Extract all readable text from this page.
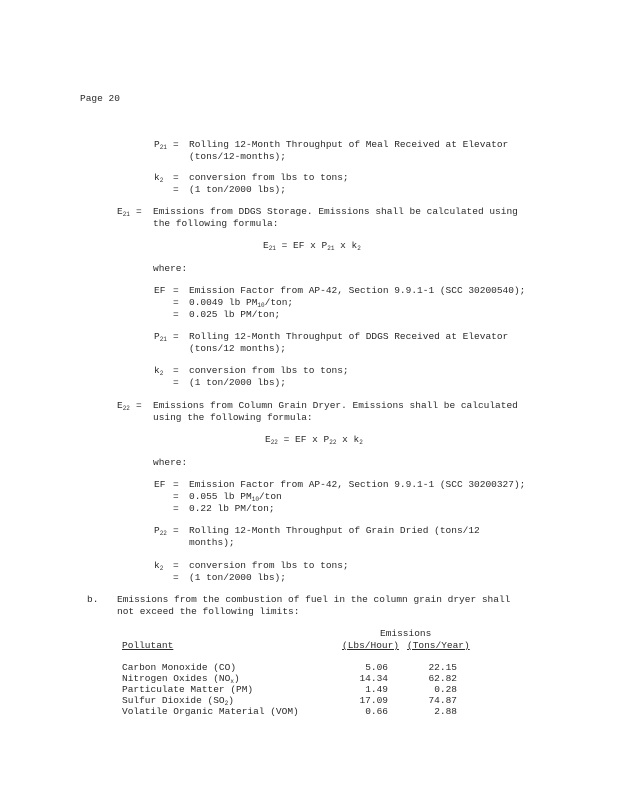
Page 20
$P_{21}$ = Rolling 12-Month Throughput of Meal Received at Elevator
(tons/12-months);
$k_2$ = conversion from lbs to tons;
= (1 ton/2000 lbs);
$E_{21}$ = Emissions from DDGS Storage. Emissions shall be calculated using
the following formula:
$E_{21}$ = EF x $P_{21}$ x $k_2$
where:
EF = Emission Factor from AP-42, Section 9.9.1-1 (SCC 30200540);
= 0.0049 lb $PM_{10}$/ton;
= 0.025 lb PM/ton;
$P_{21}$ = Rolling 12-Month Throughput of DDGS Received at Elevator
(tons/12 months);
$k_2$ = conversion from lbs to tons;
= (1 ton/2000 lbs);
$E_{22}$ = Emissions from Column Grain Dryer. Emissions shall be calculated
using the following formula:
$E_{22}$ = EF x $P_{22}$ x $k_2$
where:
EF = Emission Factor from AP-42, Section 9.9.1-1 (SCC 30200327);
= 0.055 lb $PM_{10}$/ton
= 0.22 lb PM/ton;
$P_{22}$ = Rolling 12-Month Throughput of Grain Dried (tons/12
months);
$k_2$ = conversion from lbs to tons;
= (1 ton/2000 lbs);
b. Emissions from the combustion of fuel in the column grain dryer shall
not exceed the following limits:
Emissions
Pollutant	(Lbs/Hour) (Tons/Year)
Carbon Monoxide (CO)	5.06	22.15
Nitrogen Oxides $(NO_x)$	14.34	62.82
Particulate Matter (PM)	1.49	0.28
Sulfur Dioxide $(SO_2)$	17.09	74.87
Volatile Organic Material (VOM)	0.66	2.88
